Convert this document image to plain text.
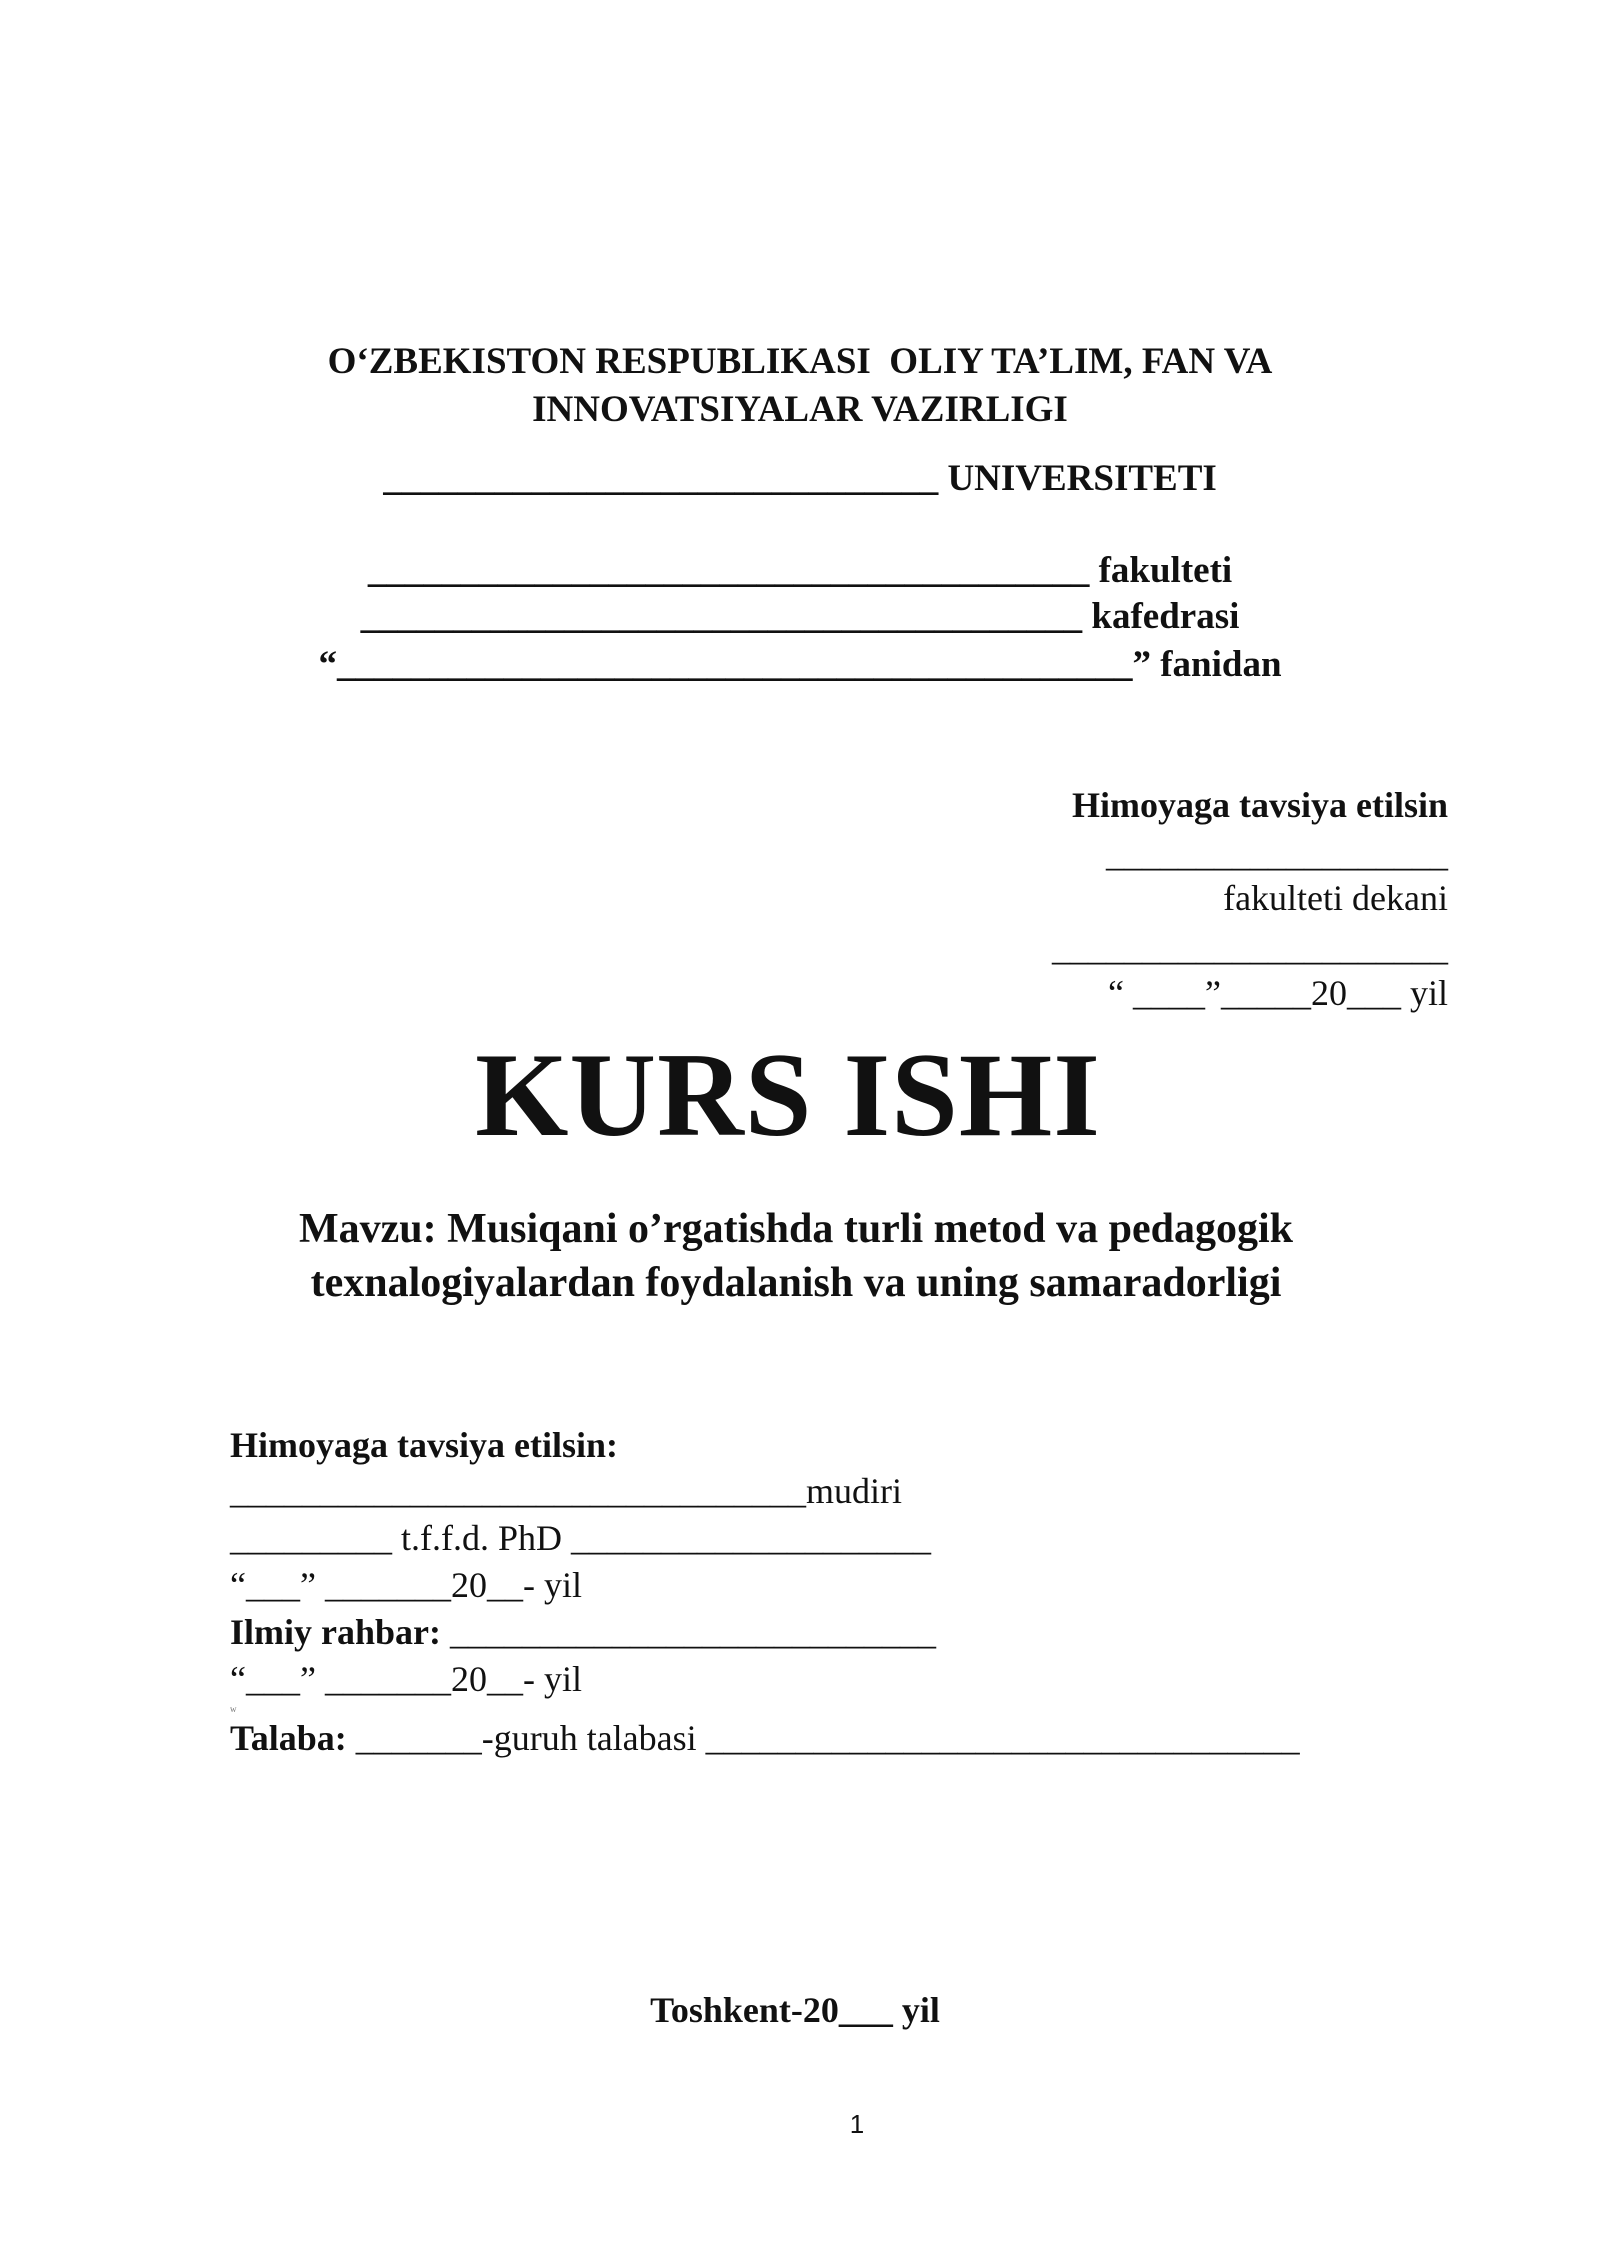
O‘ZBEKISTON RESPUBLIKASI  OLIY TA’LIM, FAN VA
INNOVATSIYALAR VAZIRLIGI
______________________________ UNIVERSITETI
_______________________________________ fakulteti
_______________________________________ kafedrasi
“___________________________________________” fanidan
Himoyaga tavsiya etilsin
___________________
fakulteti dekani
______________________
“ ____”_____20___ yil
KURS ISHI
Mavzu: Musiqani o’rgatishda turli metod va pedagogik
texnalogiyalardan foydalanish va uning samaradorligi
Himoyaga tavsiya etilsin:
________________________________mudiri
_________ t.f.f.d. PhD ____________________
“___” _______20__- yil
Ilmiy rahbar: ___________________________
“___” _______20__- yil
w
Talaba: _______-guruh talabasi _________________________________
Toshkent-20___ yil
1
